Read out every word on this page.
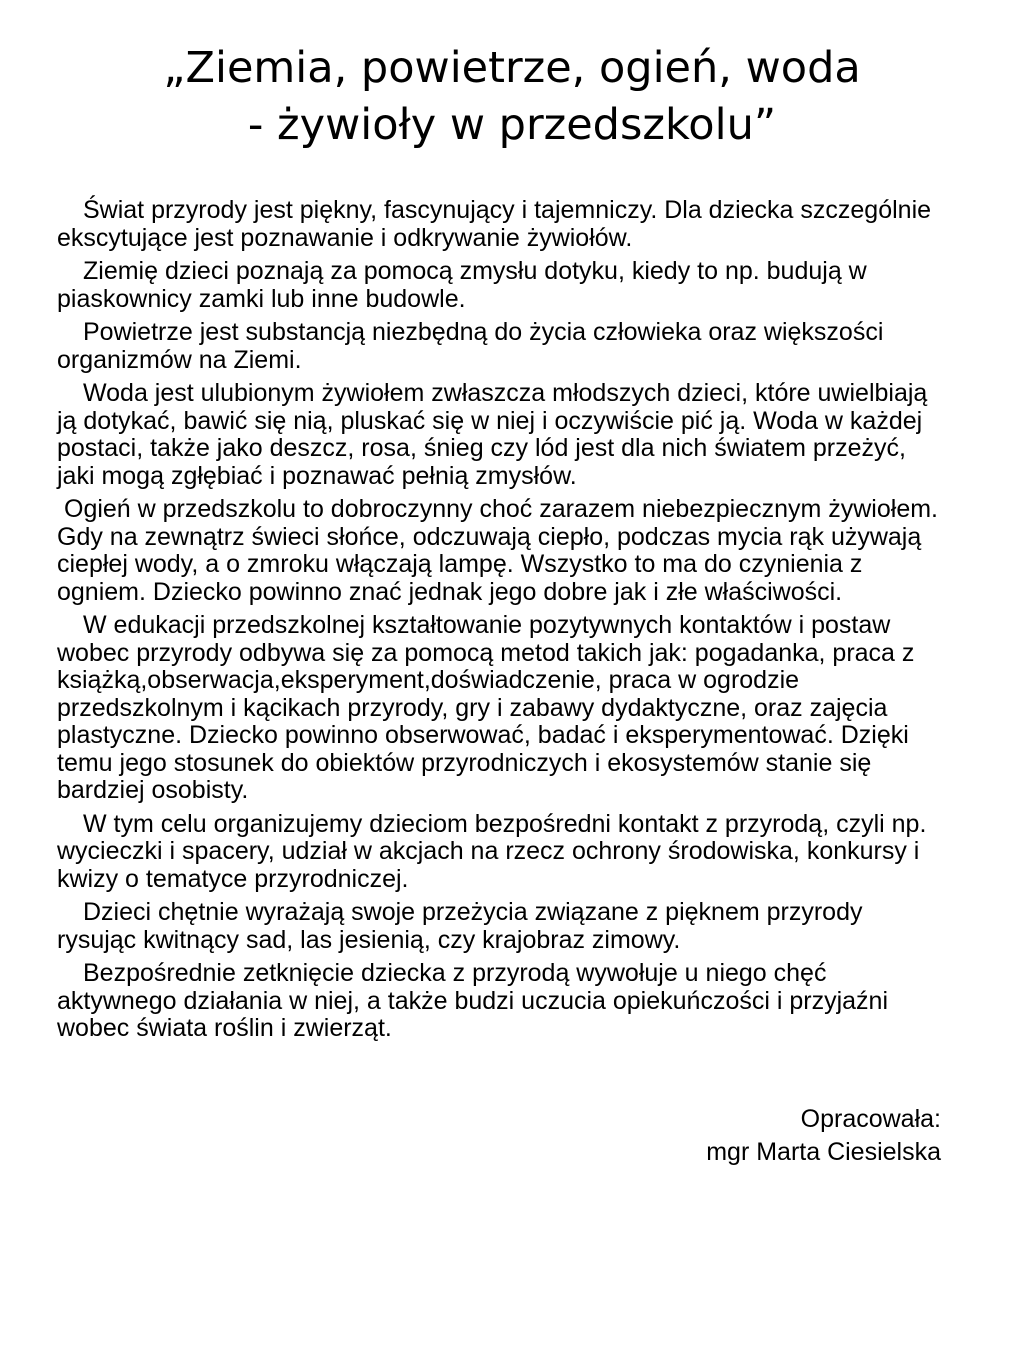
„Ziemia, powietrze, ogień, woda
- żywioły w przedszkolu”

Świat przyrody jest piękny, fascynujący i tajemniczy. Dla dziecka szczególnie ekscytujące jest poznawanie i odkrywanie żywiołów.

Ziemię dzieci poznają za pomocą zmysłu dotyku, kiedy to np. budują w piaskownicy zamki lub inne budowle.

Powietrze jest substancją niezbędną do życia człowieka oraz większości organizmów na Ziemi.

Woda jest ulubionym żywiołem zwłaszcza młodszych dzieci, które uwielbiają ją dotykać, bawić się nią, pluskać się w niej i oczywiście pić ją. Woda w każdej postaci, także jako deszcz, rosa, śnieg czy lód jest dla nich światem przeżyć, jaki mogą zgłębiać i poznawać pełnią zmysłów.

Ogień w przedszkolu to dobroczynny choć zarazem niebezpiecznym żywiołem. Gdy na zewnątrz świeci słońce, odczuwają ciepło, podczas mycia rąk używają ciepłej wody, a o zmroku włączają lampę. Wszystko to ma do czynienia z ogniem. Dziecko powinno znać jednak jego dobre jak i złe właściwości.

W edukacji przedszkolnej kształtowanie pozytywnych kontaktów i postaw wobec przyrody odbywa się za pomocą metod takich jak: pogadanka, praca z książką,obserwacja,eksperyment,doświadczenie, praca w ogrodzie przedszkolnym i kącikach przyrody, gry i zabawy dydaktyczne, oraz zajęcia plastyczne. Dziecko powinno obserwować, badać i eksperymentować. Dzięki temu jego stosunek do obiektów przyrodniczych i ekosystemów stanie się bardziej osobisty.

W tym celu organizujemy dzieciom bezpośredni kontakt z przyrodą, czyli np. wycieczki i spacery, udział w akcjach na rzecz ochrony środowiska, konkursy i kwizy o tematyce przyrodniczej.

Dzieci chętnie wyrażają swoje przeżycia związane z pięknem przyrody rysując kwitnący sad, las jesienią, czy krajobraz zimowy.

Bezpośrednie zetknięcie dziecka z przyrodą wywołuje u niego chęć aktywnego działania w niej, a także budzi uczucia opiekuńczości i przyjaźni wobec świata roślin i zwierząt.

Opracowała:
mgr Marta Ciesielska
